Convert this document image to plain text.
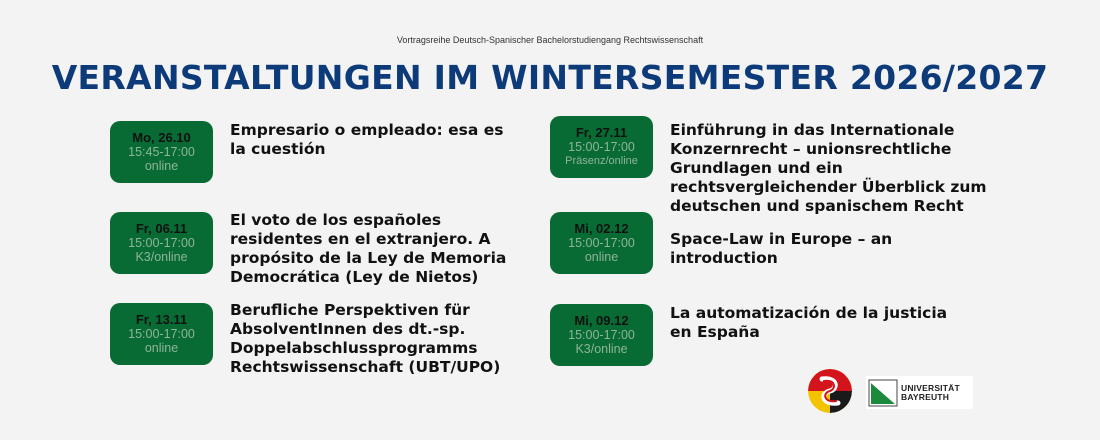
Vortragsreihe Deutsch-Spanischer Bachelorstudiengang Rechtswissenschaft
VERANSTALTUNGEN IM WINTERSEMESTER 2026/2027
Mo, 26.10
15:45-17:00
online
Empresario o empleado: esa es la cuestión
Fr, 06.11
15:00-17:00
K3/online
El voto de los españoles residentes en el extranjero. A propósito de la Ley de Memoria Democrática (Ley de Nietos)
Fr, 13.11
15:00-17:00
online
Berufliche Perspektiven für AbsolventInnen des dt.-sp. Doppelabschlussprogramms Rechtswissenschaft (UBT/UPO)
Fr, 27.11
15:00-17:00
Präsenz/online
Einführung in das Internationale Konzernrecht – unionsrechtliche Grundlagen und ein rechtsvergleichender Überblick zum deutschen und spanischem Recht
Mi, 02.12
15:00-17:00
online
Space-Law in Europe – an introduction
Mi, 09.12
15:00-17:00
K3/online
La automatización de la justicia en España
UNIVERSITÄT
BAYREUTH
